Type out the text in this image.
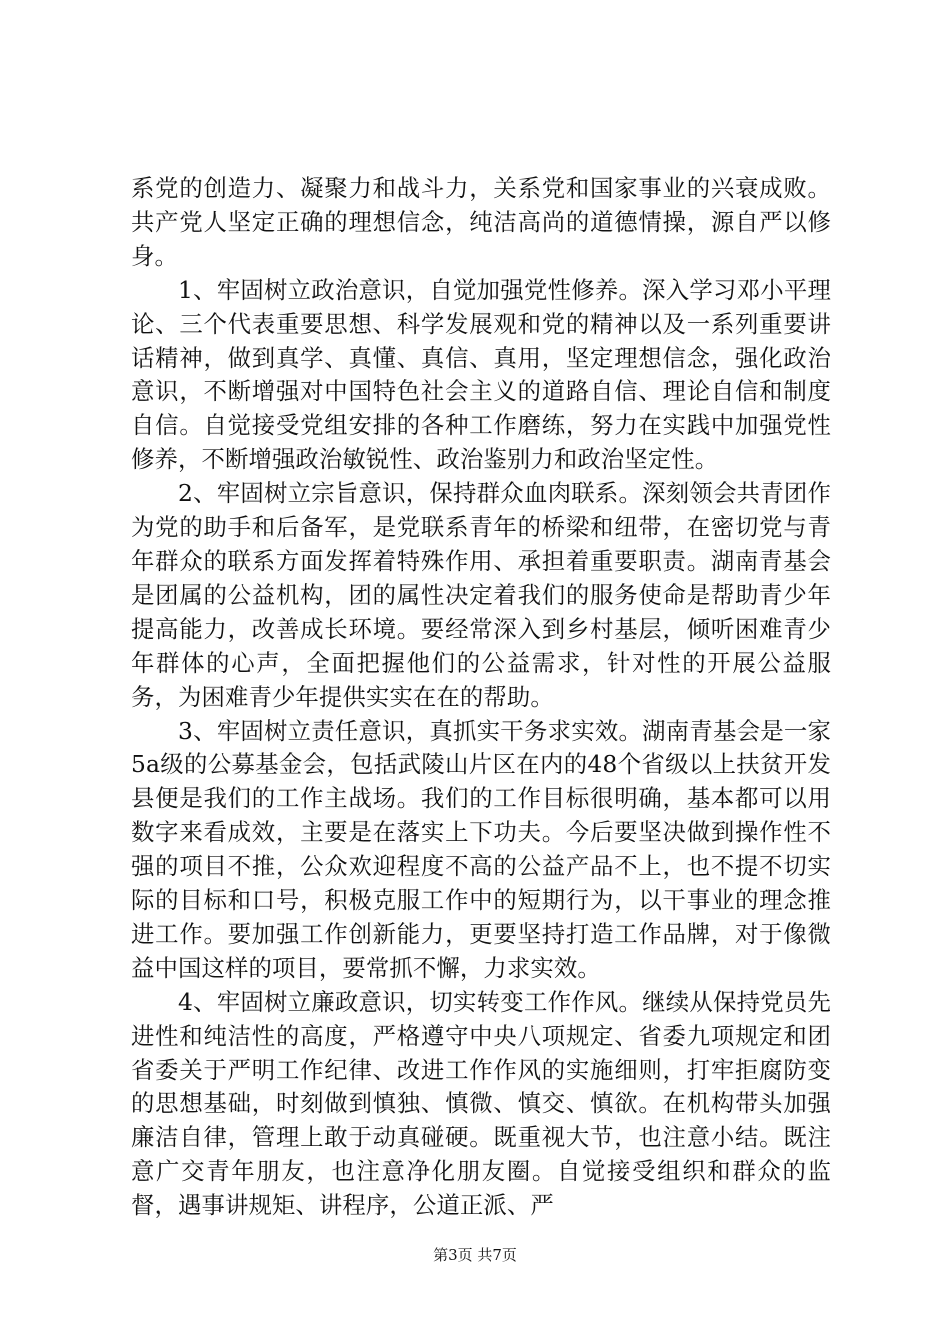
系党的创造力、凝聚力和战斗力，关系党和国家事业的兴衰成败。共产党人坚定正确的理想信念，纯洁高尚的道德情操，源自严以修身。

1、牢固树立政治意识，自觉加强党性修养。深入学习邓小平理论、三个代表重要思想、科学发展观和党的精神以及一系列重要讲话精神，做到真学、真懂、真信、真用，坚定理想信念，强化政治意识，不断增强对中国特色社会主义的道路自信、理论自信和制度自信。自觉接受党组安排的各种工作磨练，努力在实践中加强党性修养，不断增强政治敏锐性、政治鉴别力和政治坚定性。

2、牢固树立宗旨意识，保持群众血肉联系。深刻领会共青团作为党的助手和后备军，是党联系青年的桥梁和纽带，在密切党与青年群众的联系方面发挥着特殊作用、承担着重要职责。湖南青基会是团属的公益机构，团的属性决定着我们的服务使命是帮助青少年提高能力，改善成长环境。要经常深入到乡村基层，倾听困难青少年群体的心声，全面把握他们的公益需求，针对性的开展公益服务，为困难青少年提供实实在在的帮助。

3、牢固树立责任意识，真抓实干务求实效。湖南青基会是一家5a级的公募基金会，包括武陵山片区在内的48个省级以上扶贫开发县便是我们的工作主战场。我们的工作目标很明确，基本都可以用数字来看成效，主要是在落实上下功夫。今后要坚决做到操作性不强的项目不推，公众欢迎程度不高的公益产品不上，也不提不切实际的目标和口号，积极克服工作中的短期行为，以干事业的理念推进工作。要加强工作创新能力，更要坚持打造工作品牌，对于像微益中国这样的项目，要常抓不懈，力求实效。

4、牢固树立廉政意识，切实转变工作作风。继续从保持党员先进性和纯洁性的高度，严格遵守中央八项规定、省委九项规定和团省委关于严明工作纪律、改进工作作风的实施细则，打牢拒腐防变的思想基础，时刻做到慎独、慎微、慎交、慎欲。在机构带头加强廉洁自律，管理上敢于动真碰硬。既重视大节，也注意小结。既注意广交青年朋友，也注意净化朋友圈。自觉接受组织和群众的监督，遇事讲规矩、讲程序，公道正派、严

第3页 共7页
